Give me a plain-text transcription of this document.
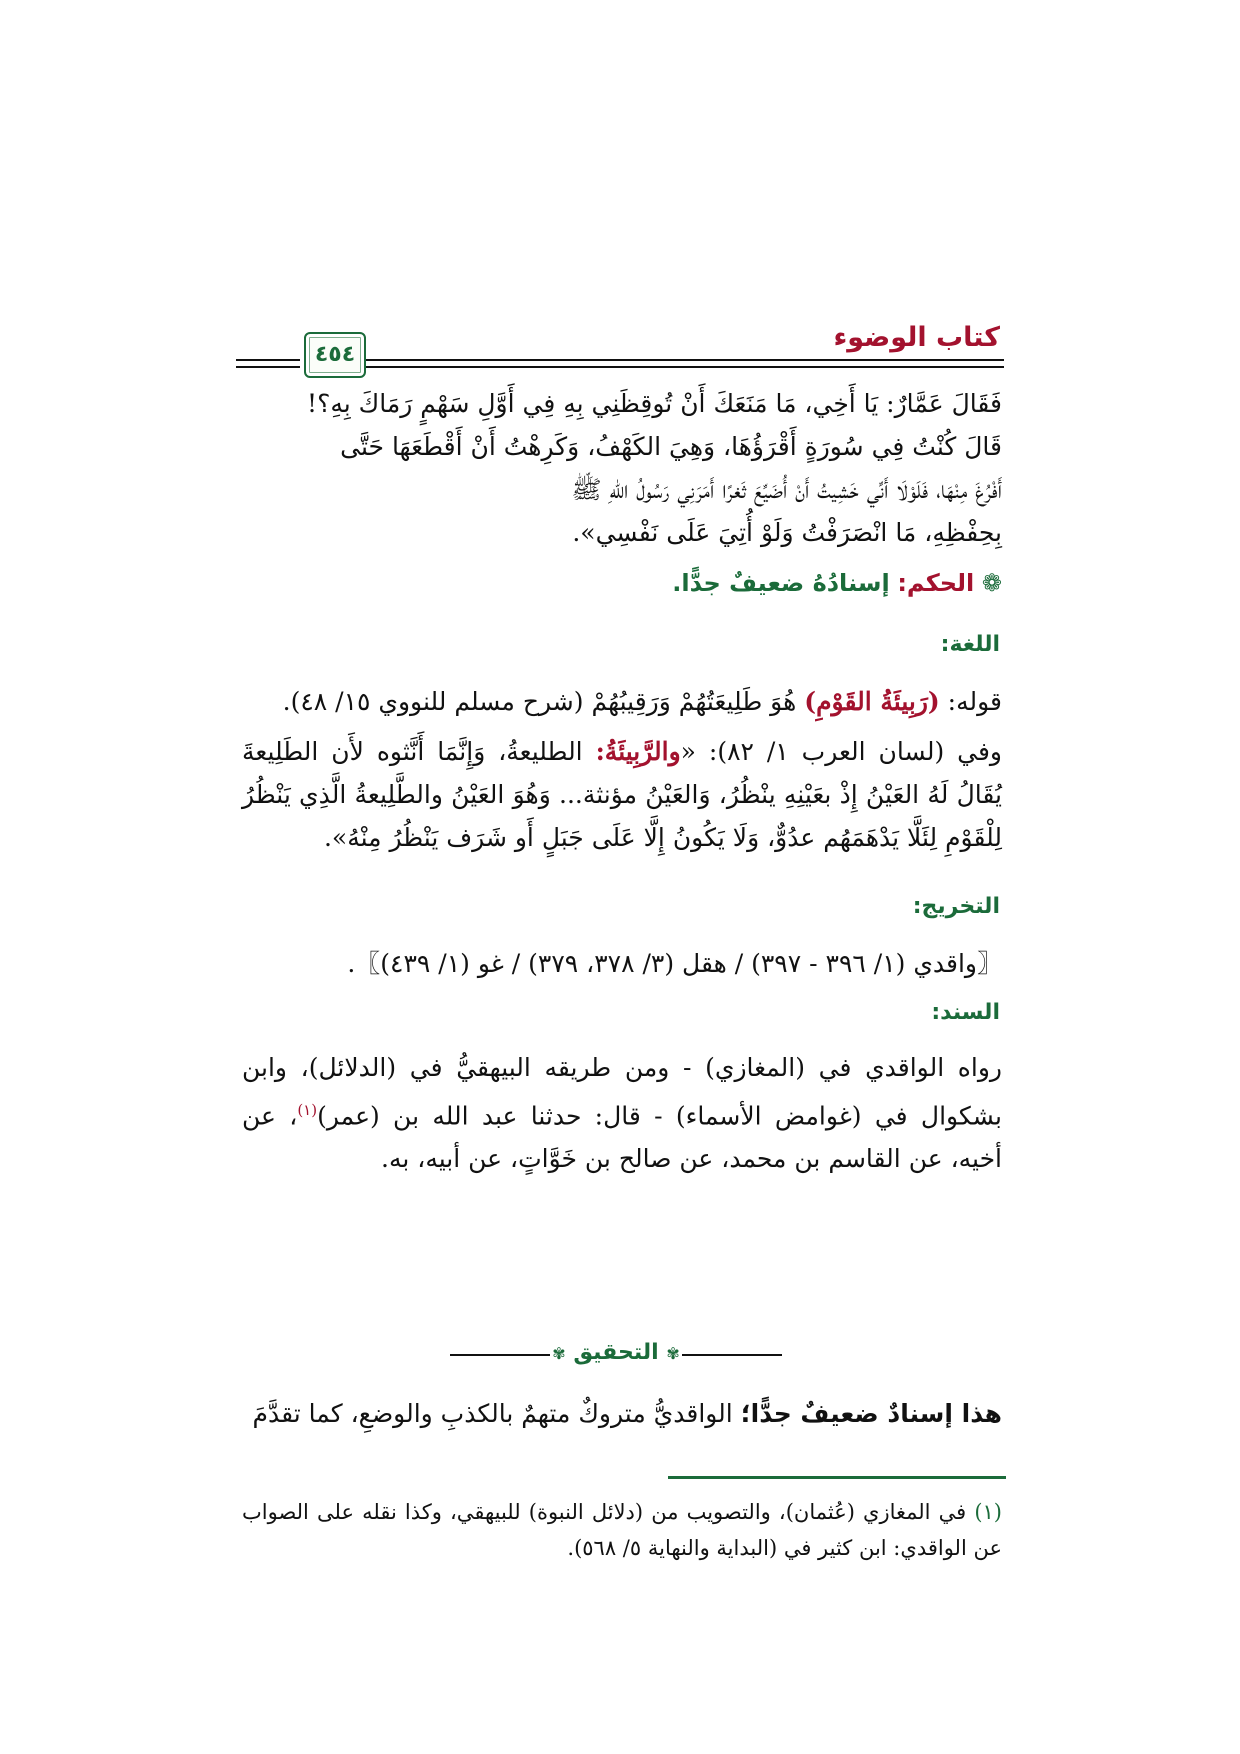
كتاب الوضوء
٤٥٤
فَقَالَ عَمَّارٌ: يَا أَخِي، مَا مَنَعَكَ أَنْ تُوقِظَنِي بِهِ فِي أَوَّلِ سَهْمٍ رَمَاكَ بِهِ؟!
قَالَ كُنْتُ فِي سُورَةٍ أَقْرَؤُهَا، وَهِيَ الكَهْفُ، وَكَرِهْتُ أَنْ أَقْطَعَهَا حَتَّى
أَفْرُغَ مِنْهَا، فَلَوْلَا أَنِّي خَشِيتُ أَنْ أُضَيِّعَ ثَغرًا أَمَرَنِي رَسُولُ اللهِ ﷺ
بِحِفْظِهِ، مَا انْصَرَفْتُ وَلَوْ أُتِيَ عَلَى نَفْسِي».
❁ الحكم: إسنادُهُ ضعيفٌ جدًّا.
اللغة:
قوله: (رَبِيئَةُ القَوْمِ) هُوَ طَلِيعَتُهُمْ وَرَقِيبُهُمْ (شرح مسلم للنووي ١٥/ ٤٨).
وفي (لسان العرب ١/ ٨٢): «والرَّبِيئَةُ: الطليعةُ، وَإِنَّمَا أَنَّثوه لأَن الطَلِيعةَ يُقَالُ لَهُ العَيْنُ إِذْ بعَيْنِهِ ينْظُرُ، وَالعَيْنُ مؤنثة... وَهُوَ العَيْنُ والطَّلِيعةُ الَّذِي يَنْظُرُ لِلْقَوْمِ لِئَلَّا يَدْهَمَهُم عدُوٌّ، وَلَا يَكُونُ إِلَّا عَلَى جَبَلٍ أَو شَرَف يَنْظُرُ مِنْهُ».
التخريج:
〖واقدي (١/ ٣٩٦ - ٣٩٧) / هقل (٣/ ٣٧٨، ٣٧٩) / غو (١/ ٤٣٩)〗.
السند:
رواه الواقدي في (المغازي) - ومن طريقه البيهقيُّ في (الدلائل)، وابن بشكوال في (غوامض الأسماء) - قال: حدثنا عبد الله بن (عمر)$^{(١)}$، عن أخيه، عن القاسم بن محمد، عن صالح بن خَوَّاتٍ، عن أبيه، به.
✾ التحقيق ✾
هذا إسنادٌ ضعيفٌ جدًّا؛ الواقديُّ متروكٌ متهمٌ بالكذبِ والوضعِ، كما تقدَّمَ
(١) في المغازي (عُثمان)، والتصويب من (دلائل النبوة) للبيهقي، وكذا نقله على الصواب عن الواقدي: ابن كثير في (البداية والنهاية ٥/ ٥٦٨).
